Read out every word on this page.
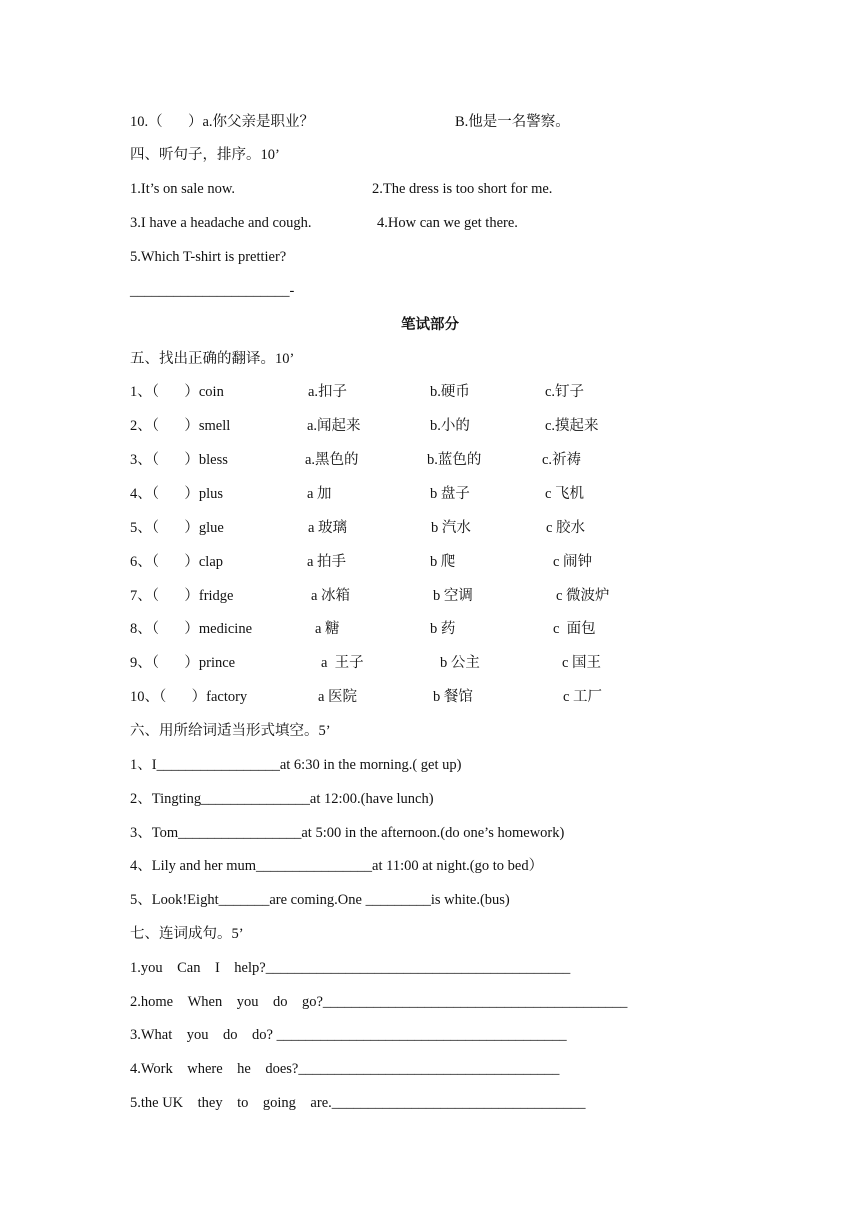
10.（       ）a.你父亲是职业？	B.他是一名警察。
四、听句子，排序。10’
1.It’s on sale now.	2.The dress is too short for me.
3.I have a headache and cough.	4.How can we get there.
5.Which T-shirt is prettier?
______________________-
笔试部分
五、找出正确的翻译。10’
1、（       ）coin	a.扣子	b.硬币	c.钉子
2、（       ）smell	a.闻起来	b.小的	c.摸起来
3、（       ）bless	a.黑色的	b.蓝色的	c.祈祷
4、（       ）plus	a 加	b 盘子	c 飞机
5、（       ）glue	a 玻璃	b 汽水	c 胶水
6、（       ）clap	a 拍手	b 爬	c 闹钟
7、（       ）fridge	a 冰箱	b 空调	c 微波炉
8、（       ）medicine	a 糖	b 药	c  面包
9、（       ）prince	a  王子	b 公主	c 国王
10、（       ）factory	a 医院	b 餐馆	c 工厂
六、用所给词适当形式填空。5’
1、I_________________at 6:30 in the morning.( get up)
2、Tingting_______________at 12:00.(have lunch)
3、Tom_________________at 5:00 in the afternoon.(do one’s homework)
4、Lily and her mum________________at 11:00 at night.(go to bed）
5、Look!Eight_______are coming.One _________is white.(bus)
七、连词成句。5’
1.you    Can    I    help?__________________________________________
2.home    When    you    do    go?__________________________________________
3.What    you    do    do? ________________________________________
4.Work    where    he    does?____________________________________
5.the UK    they    to    going    are.___________________________________
